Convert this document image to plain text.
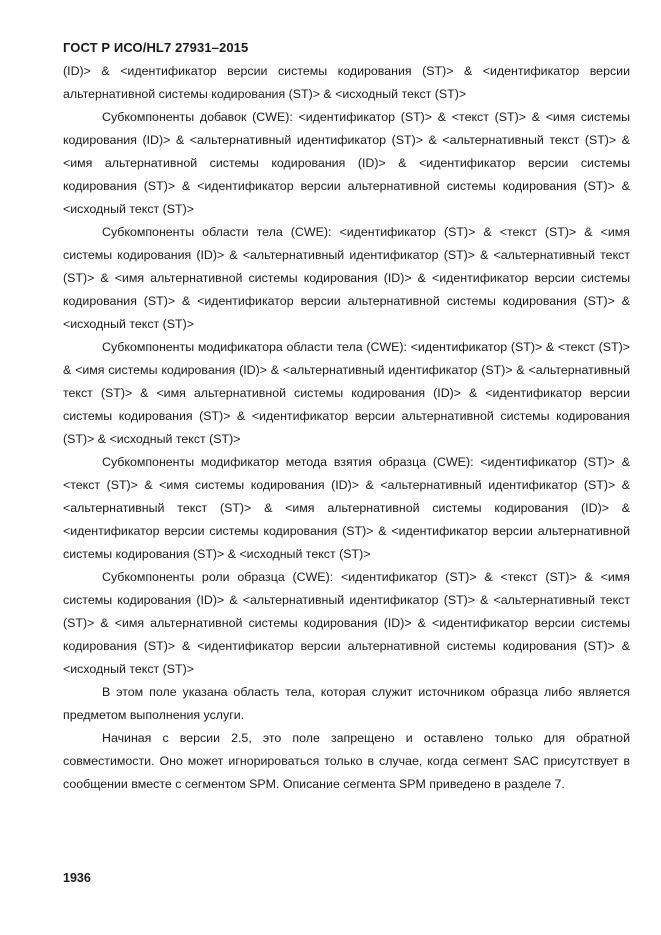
ГОСТ Р ИСО/HL7 27931–2015

(ID)> & <идентификатор версии системы кодирования (ST)> & <идентификатор версии альтернативной системы кодирования (ST)> & <исходный текст (ST)>

Субкомпоненты добавок (CWE): <идентификатор (ST)> & <текст (ST)> & <имя системы кодирования (ID)> & <альтернативный идентификатор (ST)> & <альтернативный текст (ST)> & <имя альтернативной системы кодирования (ID)> & <идентификатор версии системы кодирования (ST)> & <идентификатор версии альтернативной системы кодирования (ST)> & <исходный текст (ST)>

Субкомпоненты области тела (CWE): <идентификатор (ST)> & <текст (ST)> & <имя системы кодирования (ID)> & <альтернативный идентификатор (ST)> & <альтернативный текст (ST)> & <имя альтернативной системы кодирования (ID)> & <идентификатор версии системы кодирования (ST)> & <идентификатор версии альтернативной системы кодирования (ST)> & <исходный текст (ST)>

Субкомпоненты модификатора области тела (CWE): <идентификатор (ST)> & <текст (ST)> & <имя системы кодирования (ID)> & <альтернативный идентификатор (ST)> & <альтернативный текст (ST)> & <имя альтернативной системы кодирования (ID)> & <идентификатор версии системы кодирования (ST)> & <идентификатор версии альтернативной системы кодирования (ST)> & <исходный текст (ST)>

Субкомпоненты модификатор метода взятия образца (CWE): <идентификатор (ST)> & <текст (ST)> & <имя системы кодирования (ID)> & <альтернативный идентификатор (ST)> & <альтернативный текст (ST)> & <имя альтернативной системы кодирования (ID)> & <идентификатор версии системы кодирования (ST)> & <идентификатор версии альтернативной системы кодирования (ST)> & <исходный текст (ST)>

Субкомпоненты роли образца (CWE): <идентификатор (ST)> & <текст (ST)> & <имя системы кодирования (ID)> & <альтернативный идентификатор (ST)> & <альтернативный текст (ST)> & <имя альтернативной системы кодирования (ID)> & <идентификатор версии системы кодирования (ST)> & <идентификатор версии альтернативной системы кодирования (ST)> & <исходный текст (ST)>

В этом поле указана область тела, которая служит источником образца либо является предметом выполнения услуги.

Начиная с версии 2.5, это поле запрещено и оставлено только для обратной совместимости. Оно может игнорироваться только в случае, когда сегмент SAC присутствует в сообщении вместе с сегментом SPM. Описание сегмента SPM приведено в разделе 7.

1936
